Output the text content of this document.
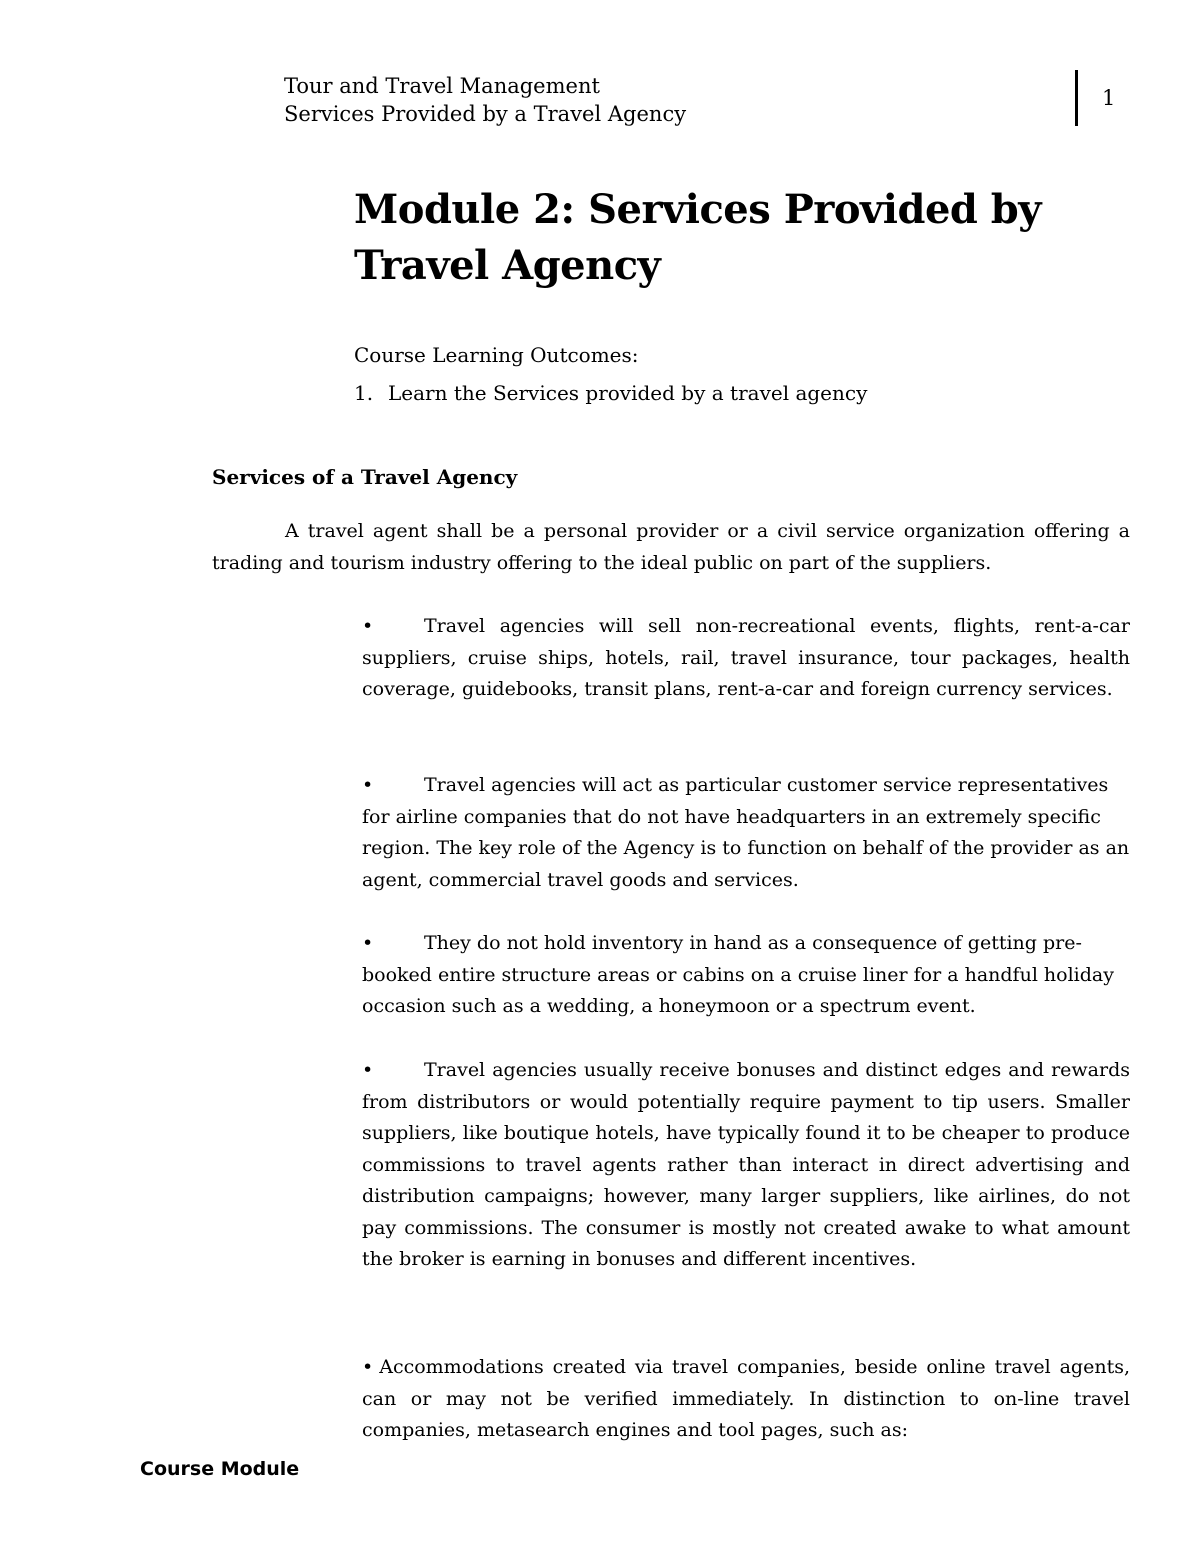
Tour and Travel Management
Services Provided by a Travel Agency
1
Module 2: Services Provided by Travel Agency
Course Learning Outcomes:
1. Learn the Services provided by a travel agency
Services of a Travel Agency

A travel agent shall be a personal provider or a civil service organization offering a trading and tourism industry offering to the ideal public on part of the suppliers.

•	Travel agencies will sell non-recreational events, flights, rent-a-car suppliers, cruise ships, hotels, rail, travel insurance, tour packages, health coverage, guidebooks, transit plans, rent-a-car and foreign currency services.
•	Travel agencies will act as particular customer service representatives for airline companies that do not have headquarters in an extremely specific region. The key role of the Agency is to function on behalf of the provider as an agent, commercial travel goods and services.
•	They do not hold inventory in hand as a consequence of getting pre-booked entire structure areas or cabins on a cruise liner for a handful holiday occasion such as a wedding, a honeymoon or a spectrum event.
•	Travel agencies usually receive bonuses and distinct edges and rewards from distributors or would potentially require payment to tip users. Smaller suppliers, like boutique hotels, have typically found it to be cheaper to produce commissions to travel agents rather than interact in direct advertising and distribution campaigns; however, many larger suppliers, like airlines, do not pay commissions. The consumer is mostly not created awake to what amount the broker is earning in bonuses and different incentives.
• Accommodations created via travel companies, beside online travel agents, can or may not be verified immediately. In distinction to on-line travel companies, metasearch engines and tool pages, such as:
Course Module
